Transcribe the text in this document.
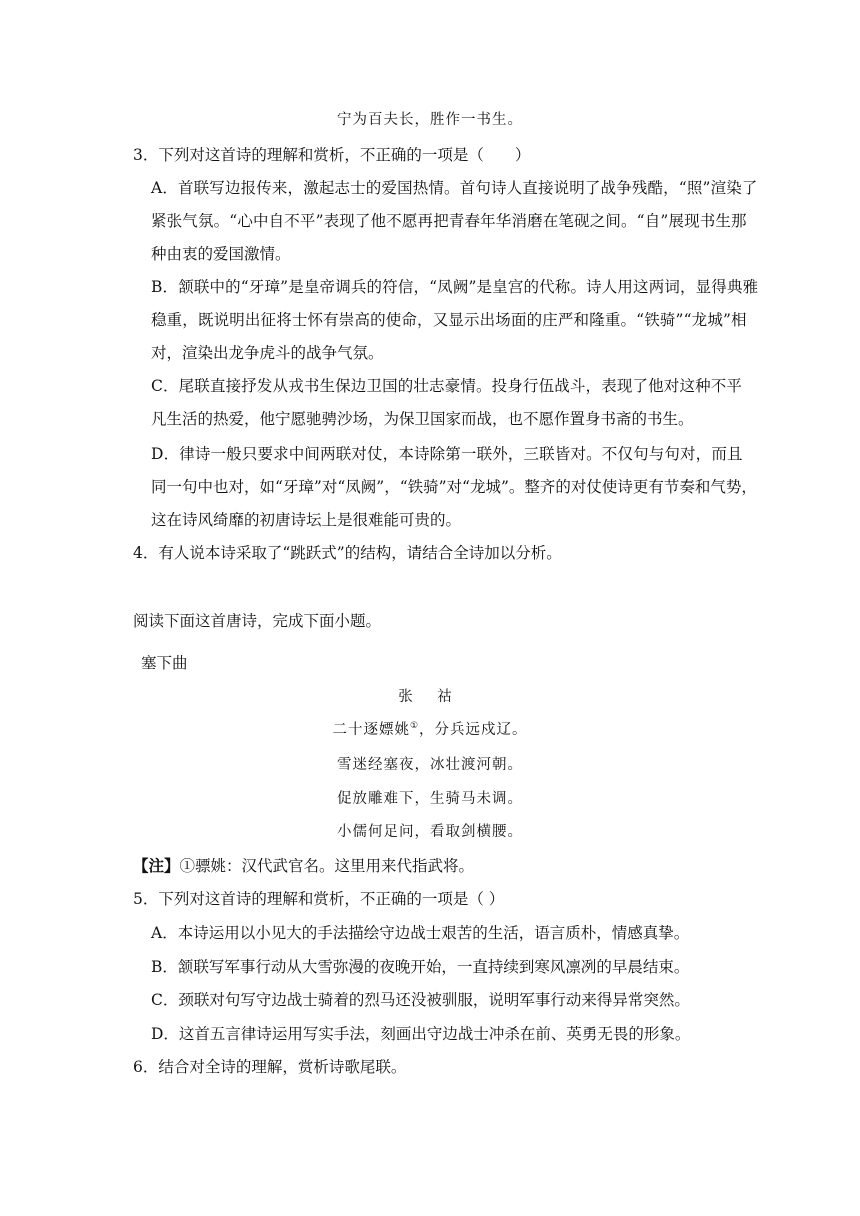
宁为百夫长，胜作一书生。
3．下列对这首诗的理解和赏析，不正确的一项是（　　）
A．首联写边报传来，激起志士的爱国热情。首句诗人直接说明了战争残酷，“照”渲染了
紧张气氛。“心中自不平”表现了他不愿再把青春年华消磨在笔砚之间。“自”展现书生那
种由衷的爱国激情。
B．颔联中的“牙璋”是皇帝调兵的符信，“凤阙”是皇宫的代称。诗人用这两词，显得典雅
稳重，既说明出征将士怀有崇高的使命，又显示出场面的庄严和隆重。“铁骑”“龙城”相
对，渲染出龙争虎斗的战争气氛。
C．尾联直接抒发从戎书生保边卫国的壮志豪情。投身行伍战斗，表现了他对这种不平
凡生活的热爱，他宁愿驰骋沙场，为保卫国家而战，也不愿作置身书斋的书生。
D．律诗一般只要求中间两联对仗，本诗除第一联外，三联皆对。不仅句与句对，而且
同一句中也对，如“牙璋”对“凤阙”，“铁骑”对“龙城”。整齐的对仗使诗更有节奏和气势，
这在诗风绮靡的初唐诗坛上是很难能可贵的。
4．有人说本诗采取了“跳跃式”的结构，请结合全诗加以分析。
阅读下面这首唐诗，完成下面小题。
塞下曲
张 祜
二十逐嫖姚①，分兵远戍辽。
雪迷经塞夜，冰壮渡河朝。
促放雕难下，生骑马未调。
小儒何足问，看取剑横腰。
【注】①骠姚：汉代武官名。这里用来代指武将。
5．下列对这首诗的理解和赏析，不正确的一项是（ ）
A．本诗运用以小见大的手法描绘守边战士艰苦的生活，语言质朴，情感真挚。
B．颔联写军事行动从大雪弥漫的夜晚开始，一直持续到寒风凛冽的早晨结束。
C．颈联对句写守边战士骑着的烈马还没被驯服，说明军事行动来得异常突然。
D．这首五言律诗运用写实手法，刻画出守边战士冲杀在前、英勇无畏的形象。
6．结合对全诗的理解，赏析诗歌尾联。
